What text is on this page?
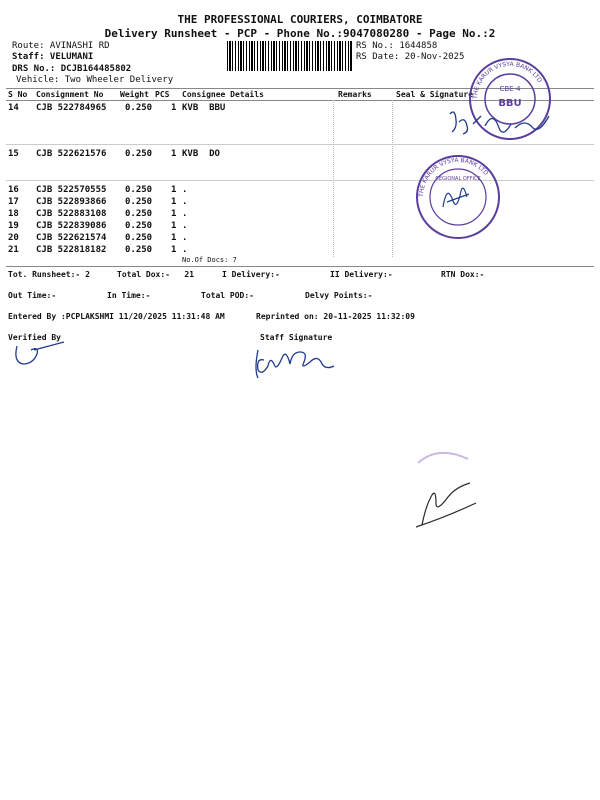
THE PROFESSIONAL COURIERS, COIMBATORE
Delivery Runsheet - PCP - Phone No.:9047080280 - Page No.:2
Route: AVINASHI RD
Staff: VELUMANI
DRS No.: DCJB164485802
Vehicle: Two Wheeler Delivery
RS No.: 1644858
RS Date: 20-Nov-2025
S No Consignment No Weight PCS Consignee Details	Remarks	Seal & Signature
14 CJB 522784965 0.250 1 KVB  BBU
15 CJB 522621576 0.250 1 KVB  DO
16 CJB 522570555 0.250 1 .
17 CJB 522893866 0.250 1 .
18 CJB 522883108 0.250 1 .
19 CJB 522839086 0.250 1 .
20 CJB 522621574 0.250 1 .
21 CJB 522818182 0.250 1 .
No.Of Docs: 7
Tot. Runsheet:- 2	Total Dox:-   21	I Delivery:-	II Delivery:-	RTN Dox:-
Out Time:-	In Time:-	Total POD:-	Delvy Points:-
Entered By :PCPLAKSHMI 11/20/2025 11:31:48 AM	Reprinted on: 20-11-2025 11:32:09
Verified By	Staff Signature
CBE-4
BBU
THE KARUR VYSYA BANK LTD
THE KARUR VYSYA BANK LTD
REGIONAL OFFICE
